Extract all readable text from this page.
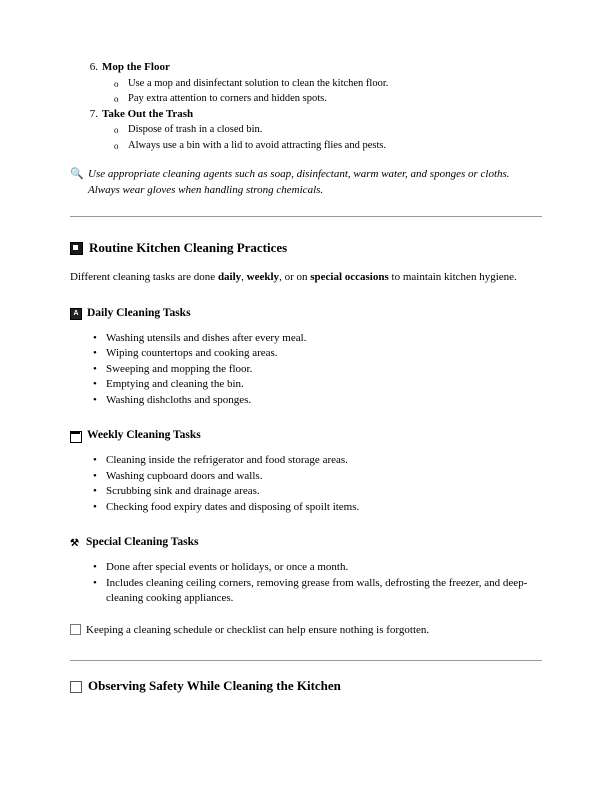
6. Mop the Floor
o Use a mop and disinfectant solution to clean the kitchen floor.
o Pay extra attention to corners and hidden spots.
7. Take Out the Trash
o Dispose of trash in a closed bin.
o Always use a bin with a lid to avoid attracting flies and pests.
🔍 Use appropriate cleaning agents such as soap, disinfectant, warm water, and sponges or cloths. Always wear gloves when handling strong chemicals.
Routine Kitchen Cleaning Practices

Different cleaning tasks are done daily, weekly, or on special occasions to maintain kitchen hygiene.

A Daily Cleaning Tasks
• Washing utensils and dishes after every meal.
• Wiping countertops and cooking areas.
• Sweeping and mopping the floor.
• Emptying and cleaning the bin.
• Washing dishcloths and sponges.
Weekly Cleaning Tasks
• Cleaning inside the refrigerator and food storage areas.
• Washing cupboard doors and walls.
• Scrubbing sink and drainage areas.
• Checking food expiry dates and disposing of spoilt items.
⚒ Special Cleaning Tasks
• Done after special events or holidays, or once a month.
• Includes cleaning ceiling corners, removing grease from walls, defrosting the freezer, and deep-cleaning cooking appliances.

Keeping a cleaning schedule or checklist can help ensure nothing is forgotten.

Observing Safety While Cleaning the Kitchen
